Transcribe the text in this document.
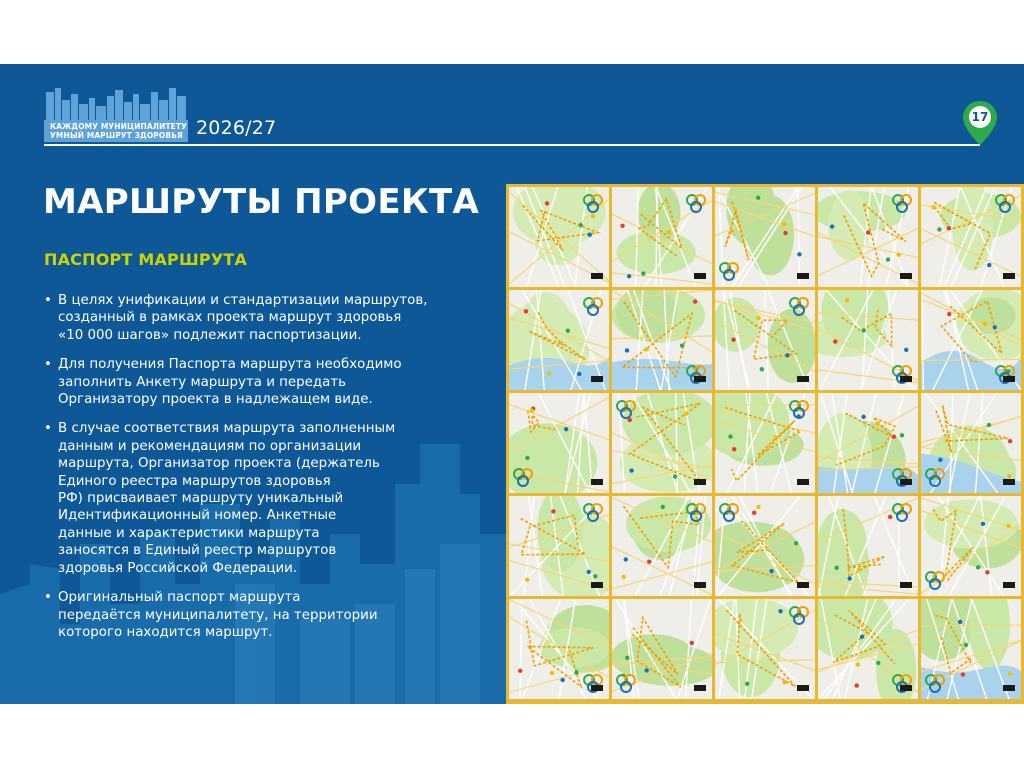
КАЖДОМУ МУНИЦИПАЛИТЕТУ
УМНЫЙ МАРШРУТ ЗДОРОВЬЯ 2026/27	17
МАРШРУТЫ ПРОЕКТА
ПАСПОРТ МАРШРУТА
• В целях унификации и стандартизации маршрутов,
созданный в рамках проекта маршрут здоровья
«10 000 шагов» подлежит паспортизации.
• Для получения Паспорта маршрута необходимо
заполнить Анкету маршрута и передать
Организатору проекта в надлежащем виде.
• В случае соответствия маршрута заполненным
данным и рекомендациям по организации
маршрута, Организатор проекта (держатель
Единого реестра маршрутов здоровья
РФ) присваивает маршруту уникальный
Идентификационный номер. Анкетные
данные и характеристики маршрута
заносятся в Единый реестр маршрутов
здоровья Российской Федерации.
• Оригинальный паспорт маршрута
передаётся муниципалитету, на территории
которого находится маршрут.
